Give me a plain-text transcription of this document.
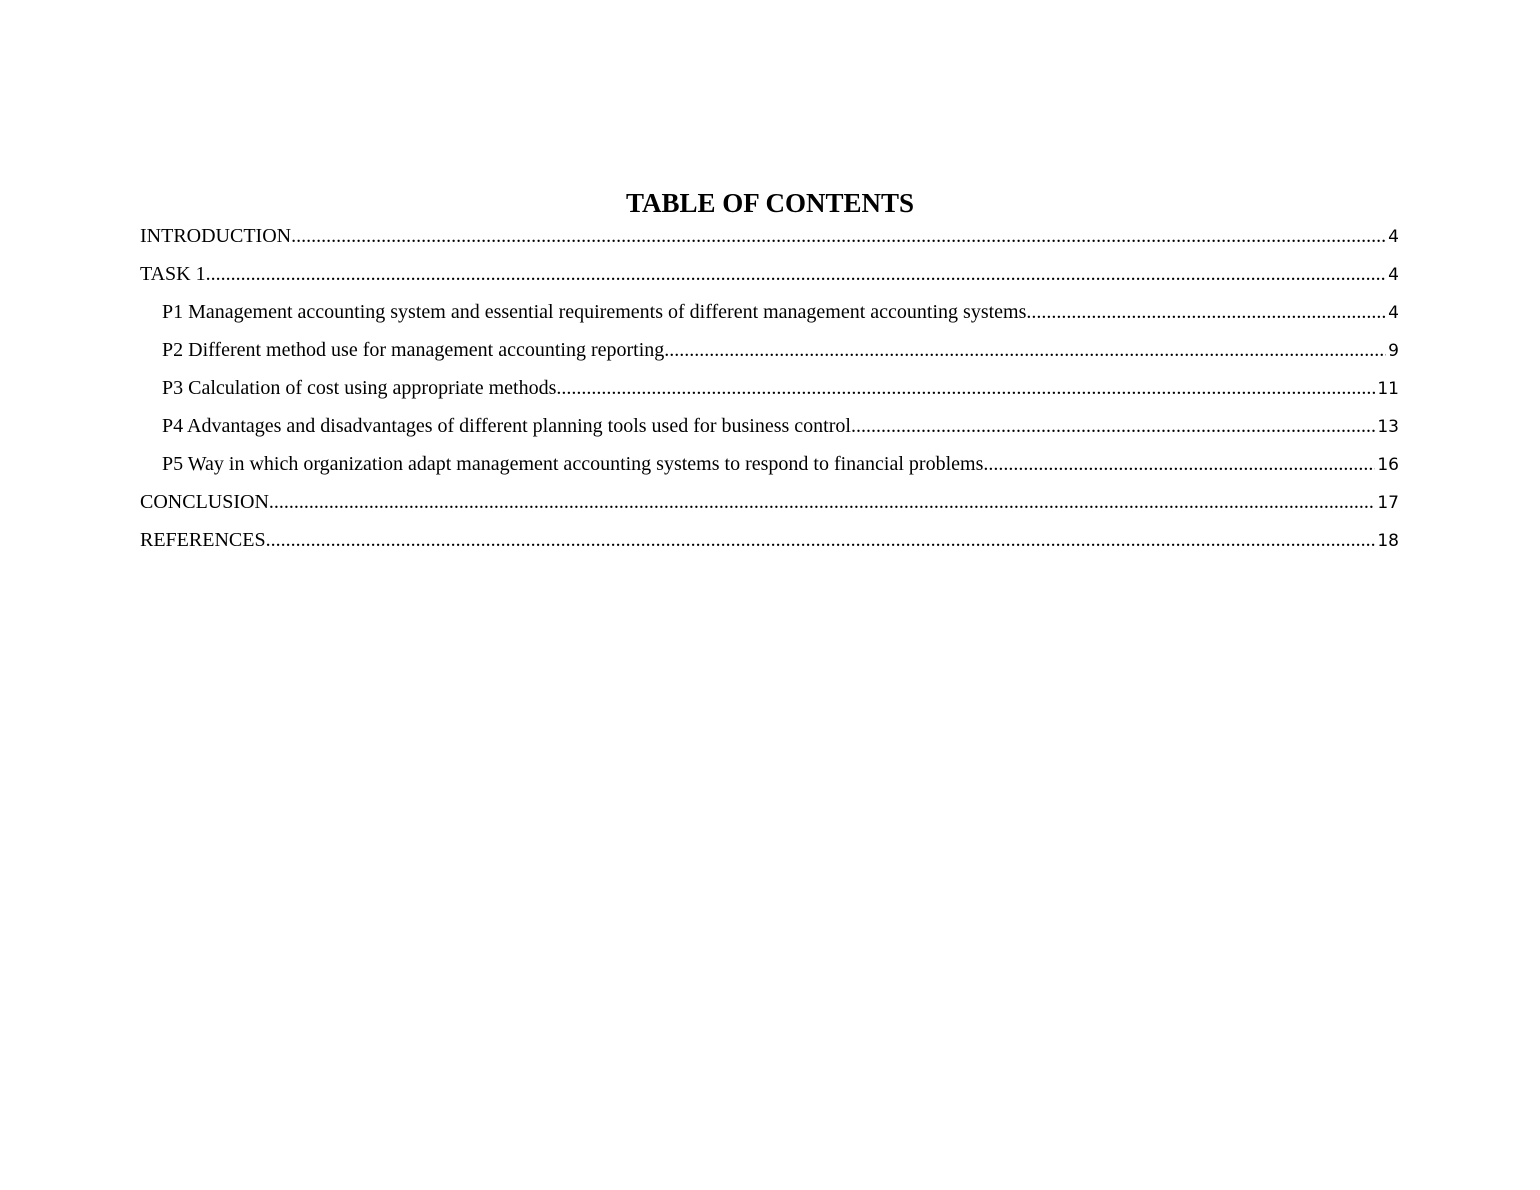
TABLE OF CONTENTS
INTRODUCTION .....	4
TASK 1 .....	4
P1 Management accounting system and essential requirements of different management accounting systems .....	4
P2 Different method use for management accounting reporting .....	9
P3 Calculation of cost using appropriate methods .....	11
P4 Advantages and disadvantages of different planning tools used for business control .....	13
P5 Way in which organization adapt management accounting systems to respond to financial problems .....	16
CONCLUSION .....	17
REFERENCES .....	18
